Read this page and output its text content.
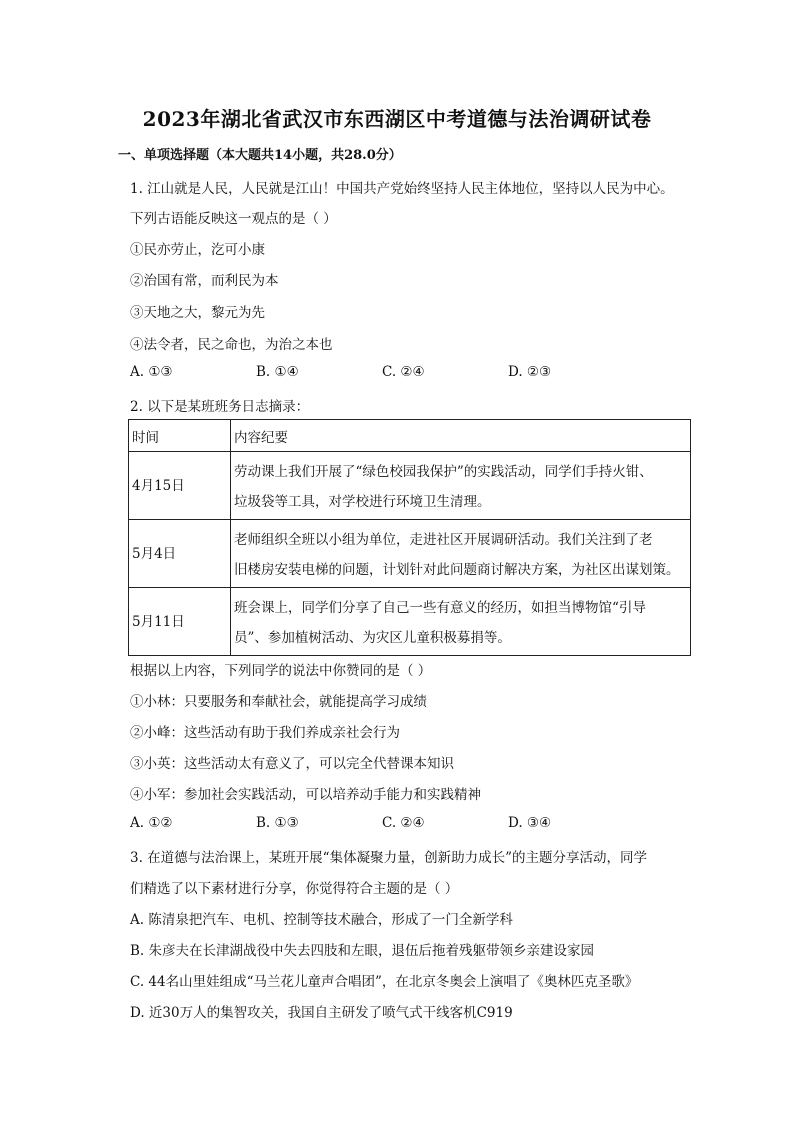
2023年湖北省武汉市东西湖区中考道德与法治调研试卷
一、单项选择题（本大题共14小题，共28.0分）
1. 江山就是人民，人民就是江山！中国共产党始终坚持人民主体地位，坚持以人民为中心。
下列古语能反映这一观点的是（ ）
①民亦劳止，汔可小康
②治国有常，而利民为本
③天地之大，黎元为先
④法令者，民之命也，为治之本也
A. ①③	B. ①④	C. ②④	D. ②③
2. 以下是某班班务日志摘录：
时间	内容纪要
4月15日	劳动课上我们开展了“绿色校园我保护”的实践活动，同学们手持火钳、
垃圾袋等工具，对学校进行环境卫生清理。

5月4日	老师组织全班以小组为单位，走进社区开展调研活动。我们关注到了老
旧楼房安装电梯的问题，计划针对此问题商讨解决方案，为社区出谋划策。

5月11日	班会课上，同学们分享了自己一些有意义的经历，如担当博物馆“引导
员”、参加植树活动、为灾区儿童积极募捐等。
根据以上内容，下列同学的说法中你赞同的是（ ）
①小林：只要服务和奉献社会，就能提高学习成绩
②小峰：这些活动有助于我们养成亲社会行为
③小英：这些活动太有意义了，可以完全代替课本知识
④小军：参加社会实践活动，可以培养动手能力和实践精神
A. ①②	B. ①③	C. ②④	D. ③④
3. 在道德与法治课上，某班开展“集体凝聚力量，创新助力成长”的主题分享活动，同学
们精选了以下素材进行分享，你觉得符合主题的是（ ）
A. 陈清泉把汽车、电机、控制等技术融合，形成了一门全新学科
B. 朱彦夫在长津湖战役中失去四肢和左眼，退伍后拖着残躯带领乡亲建设家园
C. 44名山里娃组成“马兰花儿童声合唱团”，在北京冬奥会上演唱了《奥林匹克圣歌》
D. 近30万人的集智攻关，我国自主研发了喷气式干线客机C919
